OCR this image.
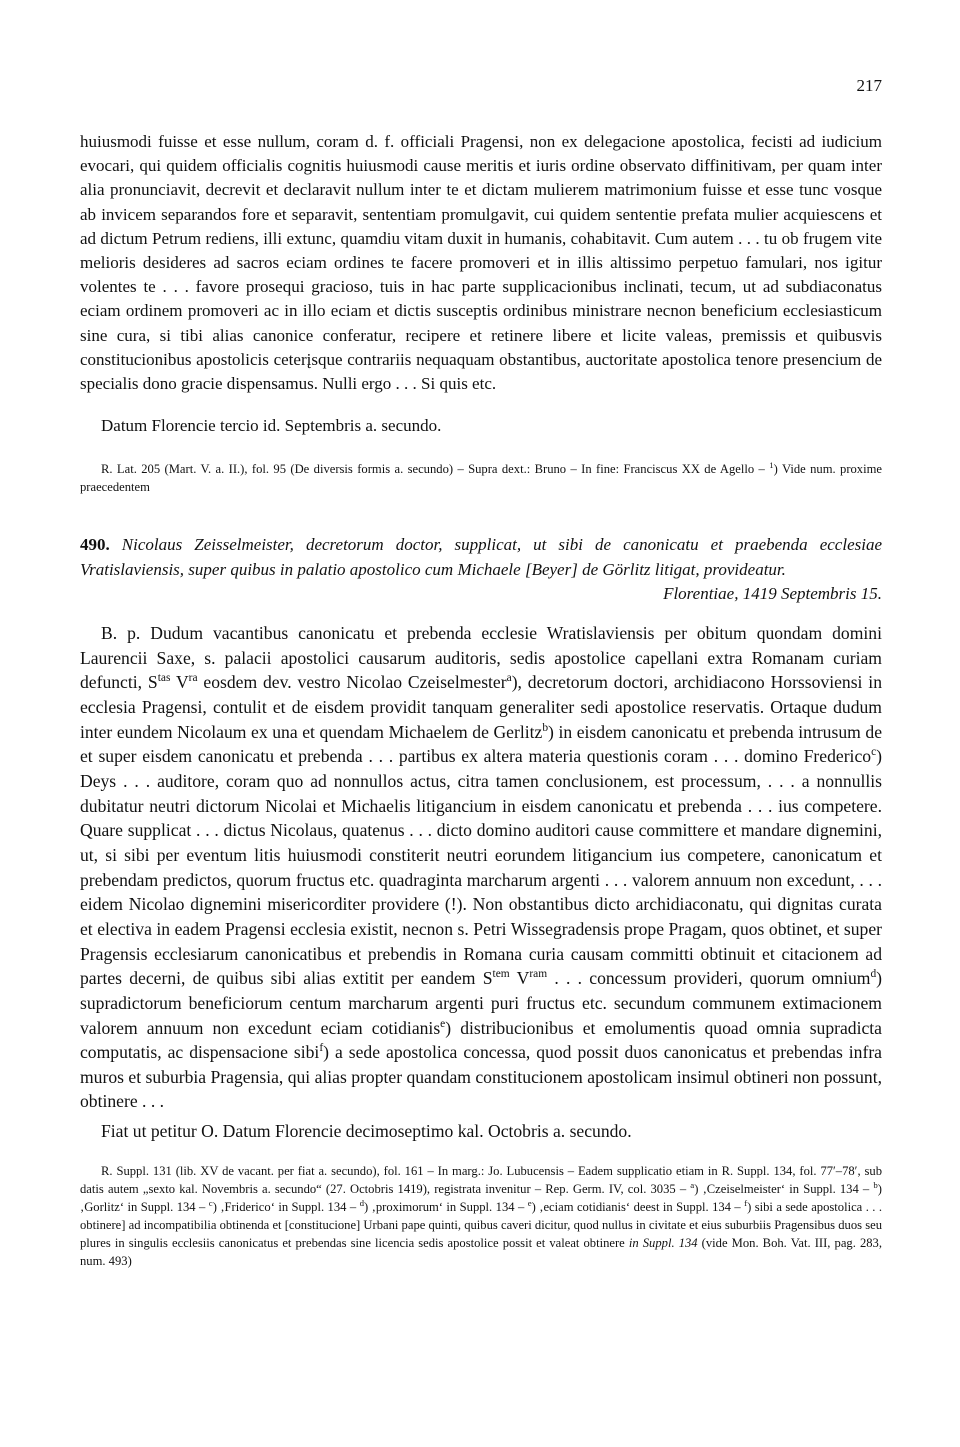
217
huiusmodi fuisse et esse nullum, coram d. f. officiali Pragensi, non ex delegacione apostolica, fecisti ad iudicium evocari, qui quidem officialis cognitis huiusmodi cause meritis et iuris ordine observato diffinitivam, per quam inter alia pronunciavit, decrevit et declaravit nullum inter te et dictam mulierem matrimonium fuisse et esse tunc vosque ab invicem separandos fore et separavit, sententiam promulgavit, cui quidem sententie prefata mulier acquiescens et ad dictum Petrum rediens, illi extunc, quamdiu vitam duxit in humanis, cohabitavit. Cum autem . . . tu ob frugem vite melioris desideres ad sacros eciam ordines te facere promoveri et in illis altissimo perpetuo famulari, nos igitur volentes te . . . favore prosequi gracioso, tuis in hac parte supplicacionibus inclinati, tecum, ut ad subdiaconatus eciam ordinem promoveri ac in illo eciam et dictis susceptis ordinibus ministrare necnon beneficium ecclesiasticum sine cura, si tibi alias canonice conferatur, recipere et retinere libere et licite valeas, premissis et quibusvis constitucionibus apostolicis ceterįsque contrariis nequaquam obstantibus, auctoritate apostolica tenore presencium de specialis dono gracie dispensamus. Nulli ergo . . . Si quis etc.
Datum Florencie tercio id. Septembris a. secundo.
R. Lat. 205 (Mart. V. a. II.), fol. 95 (De diversis formis a. secundo) – Supra dext.: Bruno – In fine: Franciscus XX de Agello – $^1$) Vide num. proxime praecedentem
490. Nicolaus Zeisselmeister, decretorum doctor, supplicat, ut sibi de canonicatu et praebenda ecclesiae Vratislaviensis, super quibus in palatio apostolico cum Michaele [Beyer] de Görlitz litigat, provideatur.
Florentiae, 1419 Septembris 15.
B. p. Dudum vacantibus canonicatu et prebenda ecclesie Wratislaviensis per obitum quondam domini Laurencii Saxe, s. palacii apostolici causarum auditoris, sedis apostolice capellani extra Romanam curiam defuncti, $S^{tas}$ $V^{ra}$ eosdem dev. vestro Nicolao Czeiselmester$^a$), decretorum doctori, archidiacono Horssoviensi in ecclesia Pragensi, contulit et de eisdem providit tanquam generaliter sedi apostolice reservatis. Ortaque dudum inter eundem Nicolaum ex una et quendam Michaelem de Gerlitz$^b$) in eisdem canonicatu et prebenda intrusum de et super eisdem canonicatu et prebenda . . . partibus ex altera materia questionis coram . . . domino Frederico$^c$) Deys . . . auditore, coram quo ad nonnullos actus, citra tamen conclusionem, est processum, . . . a nonnullis dubitatur neutri dictorum Nicolai et Michaelis litigancium in eisdem canonicatu et prebenda . . . ius competere. Quare supplicat . . . dictus Nicolaus, quatenus . . . dicto domino auditori cause committere et mandare dignemini, ut, si sibi per eventum litis huiusmodi constiterit neutri eorundem litigancium ius competere, canonicatum et prebendam predictos, quorum fructus etc. quadraginta marcharum argenti . . . valorem annuum non excedunt, . . . eidem Nicolao dignemini misericorditer providere (!). Non obstantibus dicto archidiaconatu, qui dignitas curata et electiva in eadem Pragensi ecclesia existit, necnon s. Petri Wissegradensis prope Pragam, quos obtinet, et super Pragensis ecclesiarum canonicatibus et prebendis in Romana curia causam committi obtinuit et citacionem ad partes decerni, de quibus sibi alias extitit per eandem $S^{tem}$ $V^{ram}$ . . . concessum provideri, quorum omnium$^d$) supradictorum beneficiorum centum marcharum argenti puri fructus etc. secundum communem extimacionem valorem annuum non excedunt eciam cotidianis$^e$) distribucionibus et emolumentis quoad omnia supradicta computatis, ac dispensacione sibi$^f$) a sede apostolica concessa, quod possit duos canonicatus et prebendas infra muros et suburbia Pragensia, qui alias propter quandam constitucionem apostolicam insimul obtineri non possunt, obtinere . . .
Fiat ut petitur O. Datum Florencie decimoseptimo kal. Octobris a. secundo.
R. Suppl. 131 (lib. XV de vacant. per fiat a. secundo), fol. 161 – In marg.: Jo. Lubucensis – Eadem supplicatio etiam in R. Suppl. 134, fol. 77′–78′, sub datis autem „sexto kal. Novembris a. secundo“ (27. Octobris 1419), registrata invenitur – Rep. Germ. IV, col. 3035 – $^a$) ‚Czeiselmeister‘ in Suppl. 134 – $^b$) ‚Gorlitz‘ in Suppl. 134 – $^c$) ‚Friderico‘ in Suppl. 134 – $^d$) ‚proximorum‘ in Suppl. 134 – $^e$) ‚eciam cotidianis‘ deest in Suppl. 134 – $^f$) sibi a sede apostolica . . . obtinere] ad incompatibilia obtinenda et [constitucione] Urbani pape quinti, quibus caveri dicitur, quod nullus in civitate et eius suburbiis Pragensibus duos seu plures in singulis ecclesiis canonicatus et prebendas sine licencia sedis apostolice possit et valeat obtinere in Suppl. 134 (vide Mon. Boh. Vat. III, pag. 283, num. 493)
